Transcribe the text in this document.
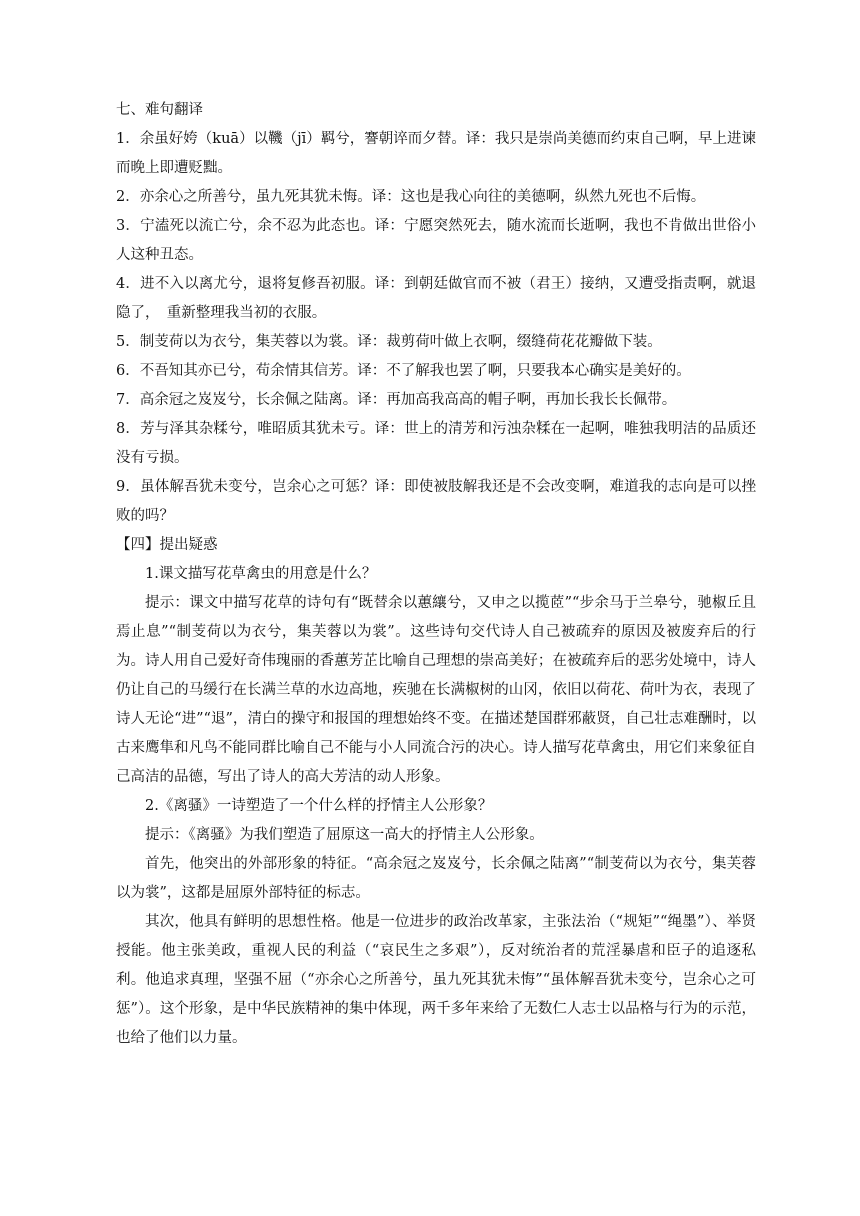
七、难句翻译

1．余虽好姱（kuā）以鞿（jī）羁兮，謇朝谇而夕替。译：我只是崇尚美德而约束自己啊，早上进谏而晚上即遭贬黜。

2．亦余心之所善兮，虽九死其犹未悔。译：这也是我心向往的美德啊，纵然九死也不后悔。

3．宁溘死以流亡兮，余不忍为此态也。译：宁愿突然死去，随水流而长逝啊，我也不肯做出世俗小人这种丑态。

4．进不入以离尤兮，退将复修吾初服。译：到朝廷做官而不被（君王）接纳，又遭受指责啊，就退隐了，　重新整理我当初的衣服。

5．制芰荷以为衣兮，集芙蓉以为裳。译：裁剪荷叶做上衣啊，缀缝荷花花瓣做下装。

6．不吾知其亦已兮，苟余情其信芳。译：不了解我也罢了啊，只要我本心确实是美好的。

7．高余冠之岌岌兮，长余佩之陆离。译：再加高我高高的帽子啊，再加长我长长佩带。

8．芳与泽其杂糅兮，唯昭质其犹未亏。译：世上的清芳和污浊杂糅在一起啊，唯独我明洁的品质还没有亏损。

9．虽体解吾犹未变兮，岂余心之可惩？译：即使被肢解我还是不会改变啊，难道我的志向是可以挫败的吗？

【四】提出疑惑

1.课文描写花草禽虫的用意是什么？

提示：课文中描写花草的诗句有“既替余以蕙纕兮，又申之以揽茝”“步余马于兰皋兮，驰椒丘且焉止息”“制芰荷以为衣兮，集芙蓉以为裳”。这些诗句交代诗人自己被疏弃的原因及被废弃后的行为。诗人用自己爱好奇伟瑰丽的香蕙芳芷比喻自己理想的崇高美好；在被疏弃后的恶劣处境中，诗人仍让自己的马缓行在长满兰草的水边高地，疾驰在长满椒树的山冈，依旧以荷花、荷叶为衣，表现了诗人无论“进”“退”，清白的操守和报国的理想始终不变。在描述楚国群邪蔽贤，自己壮志难酬时，以古来鹰隼和凡鸟不能同群比喻自己不能与小人同流合污的决心。诗人描写花草禽虫，用它们来象征自己高洁的品德，写出了诗人的高大芳洁的动人形象。

2.《离骚》一诗塑造了一个什么样的抒情主人公形象？

提示：《离骚》为我们塑造了屈原这一高大的抒情主人公形象。

首先，他突出的外部形象的特征。“高余冠之岌岌兮，长余佩之陆离”“制芰荷以为衣兮，集芙蓉以为裳”，这都是屈原外部特征的标志。

其次，他具有鲜明的思想性格。他是一位进步的政治改革家，主张法治（“规矩”“绳墨”）、举贤授能。他主张美政，重视人民的利益（“哀民生之多艰”），反对统治者的荒淫暴虐和臣子的追逐私利。他追求真理，坚强不屈（“亦余心之所善兮，虽九死其犹未悔”“虽体解吾犹未变兮，岂余心之可惩”）。这个形象，是中华民族精神的集中体现，两千多年来给了无数仁人志士以品格与行为的示范，也给了他们以力量。
